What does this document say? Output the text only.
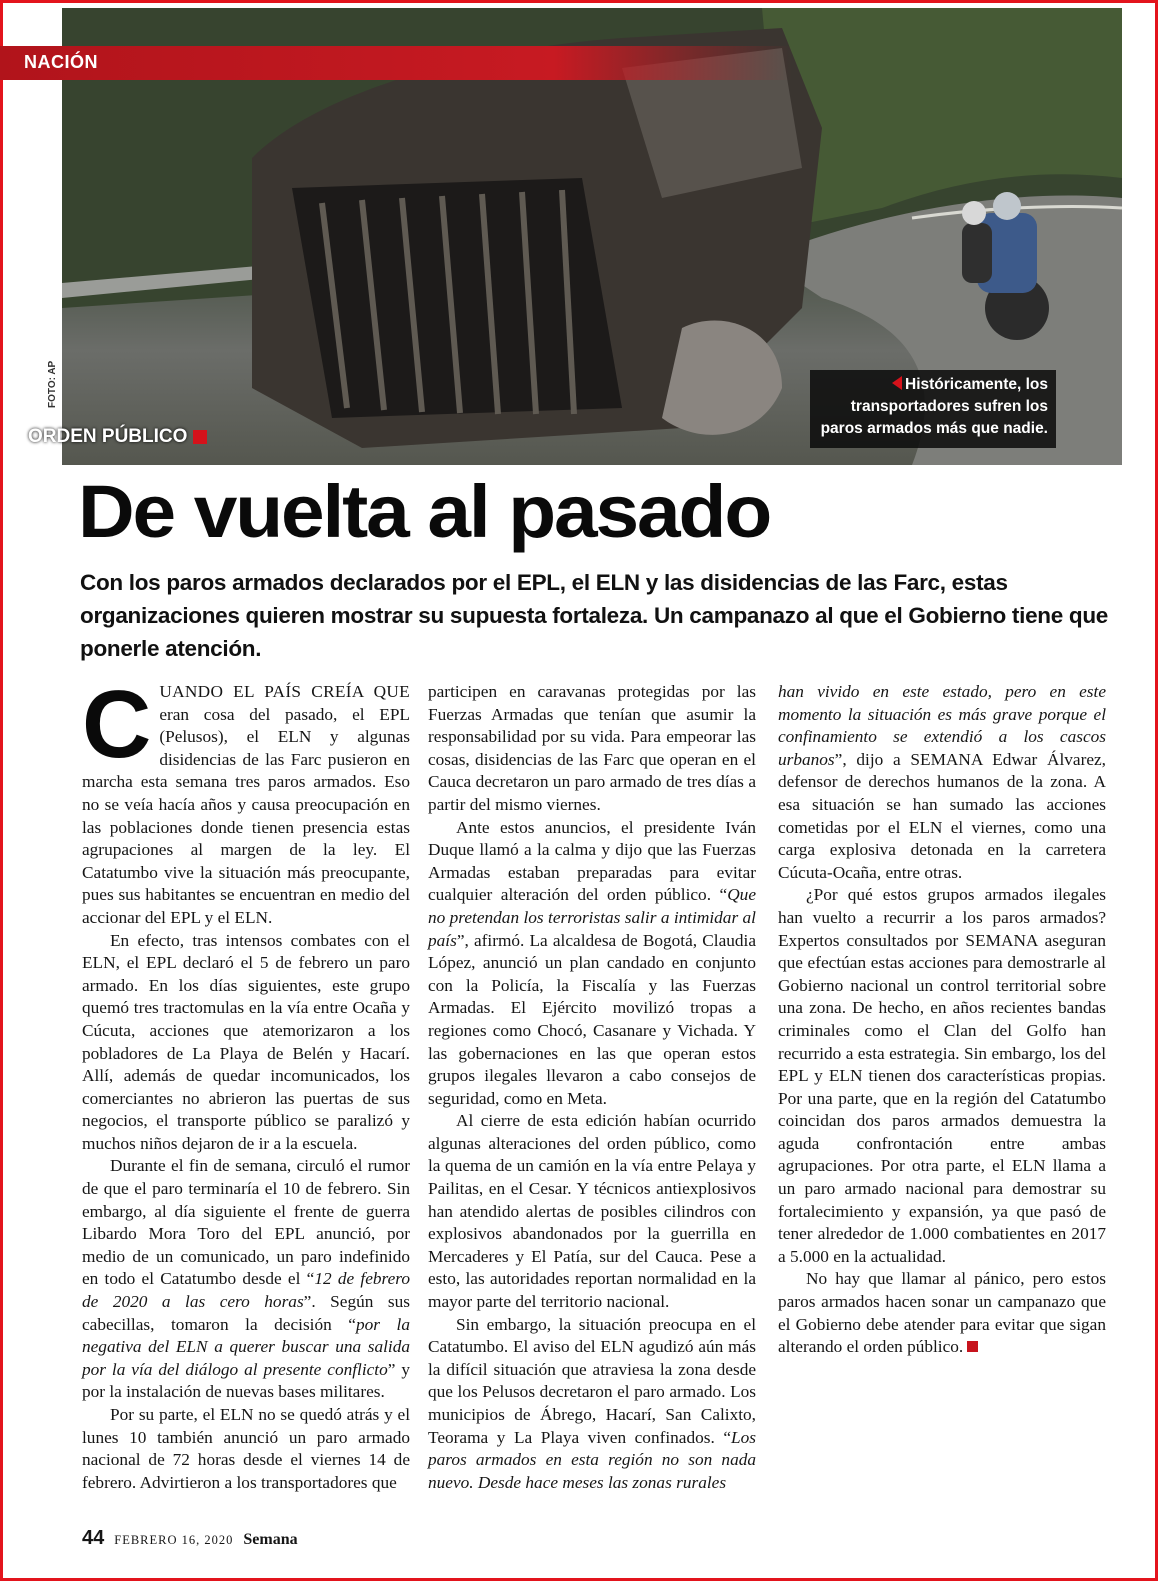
NACIÓN
FOTO: AP
ORDEN PÚBLICO
Históricamente, los transportadores sufren los paros armados más que nadie.
De vuelta al pasado

Con los paros armados declarados por el EPL, el ELN y las disidencias de las Farc, estas organizaciones quieren mostrar su supuesta fortaleza. Un campanazo al que el Gobierno tiene que ponerle atención.

CUANDO EL PAÍS CREÍA QUE eran cosa del pasado, el EPL (Pelusos), el ELN y algunas disidencias de las Farc pusieron en marcha esta semana tres paros armados. Eso no se veía hacía años y causa preocupación en las poblaciones donde tienen presencia estas agrupaciones al margen de la ley. El Catatumbo vive la situación más preocupante, pues sus habitantes se encuentran en medio del accionar del EPL y el ELN.

En efecto, tras intensos combates con el ELN, el EPL declaró el 5 de febrero un paro armado. En los días siguientes, este grupo quemó tres tractomulas en la vía entre Ocaña y Cúcuta, acciones que atemorizaron a los pobladores de La Playa de Belén y Hacarí. Allí, además de quedar incomunicados, los comerciantes no abrieron las puertas de sus negocios, el transporte público se paralizó y muchos niños dejaron de ir a la escuela.

Durante el fin de semana, circuló el rumor de que el paro terminaría el 10 de febrero. Sin embargo, al día siguiente el frente de guerra Libardo Mora Toro del EPL anunció, por medio de un comunicado, un paro indefinido en todo el Catatumbo desde el “12 de febrero de 2020 a las cero horas”. Según sus cabecillas, tomaron la decisión “por la negativa del ELN a querer buscar una salida por la vía del diálogo al presente conflicto” y por la instalación de nuevas bases militares.

Por su parte, el ELN no se quedó atrás y el lunes 10 también anunció un paro armado nacional de 72 horas desde el viernes 14 de febrero. Advirtieron a los transportadores que

participen en caravanas protegidas por las Fuerzas Armadas que tenían que asumir la responsabilidad por su vida. Para empeorar las cosas, disidencias de las Farc que operan en el Cauca decretaron un paro armado de tres días a partir del mismo viernes.

Ante estos anuncios, el presidente Iván Duque llamó a la calma y dijo que las Fuerzas Armadas estaban preparadas para evitar cualquier alteración del orden público. “Que no pretendan los terroristas salir a intimidar al país”, afirmó. La alcaldesa de Bogotá, Claudia López, anunció un plan candado en conjunto con la Policía, la Fiscalía y las Fuerzas Armadas. El Ejército movilizó tropas a regiones como Chocó, Casanare y Vichada. Y las gobernaciones en las que operan estos grupos ilegales llevaron a cabo consejos de seguridad, como en Meta.

Al cierre de esta edición habían ocurrido algunas alteraciones del orden público, como la quema de un camión en la vía entre Pelaya y Pailitas, en el Cesar. Y técnicos antiexplosivos han atendido alertas de posibles cilindros con explosivos abandonados por la guerrilla en Mercaderes y El Patía, sur del Cauca. Pese a esto, las autoridades reportan normalidad en la mayor parte del territorio nacional.

Sin embargo, la situación preocupa en el Catatumbo. El aviso del ELN agudizó aún más la difícil situación que atraviesa la zona desde que los Pelusos decretaron el paro armado. Los municipios de Ábrego, Hacarí, San Calixto, Teorama y La Playa viven confinados. “Los paros armados en esta región no son nada nuevo. Desde hace meses las zonas rurales

han vivido en este estado, pero en este momento la situación es más grave porque el confinamiento se extendió a los cascos urbanos”, dijo a SEMANA Edwar Álvarez, defensor de derechos humanos de la zona. A esa situación se han sumado las acciones cometidas por el ELN el viernes, como una carga explosiva detonada en la carretera Cúcuta-Ocaña, entre otras.

¿Por qué estos grupos armados ilegales han vuelto a recurrir a los paros armados? Expertos consultados por SEMANA aseguran que efectúan estas acciones para demostrarle al Gobierno nacional un control territorial sobre una zona. De hecho, en años recientes bandas criminales como el Clan del Golfo han recurrido a esta estrategia. Sin embargo, los del EPL y ELN tienen dos características propias. Por una parte, que en la región del Catatumbo coincidan dos paros armados demuestra la aguda confrontación entre ambas agrupaciones. Por otra parte, el ELN llama a un paro armado nacional para demostrar su fortalecimiento y expansión, ya que pasó de tener alrededor de 1.000 combatientes en 2017 a 5.000 en la actualidad.

No hay que llamar al pánico, pero estos paros armados hacen sonar un campanazo que el Gobierno debe atender para evitar que sigan alterando el orden público.

44 FEBRERO 16, 2020 Semana
